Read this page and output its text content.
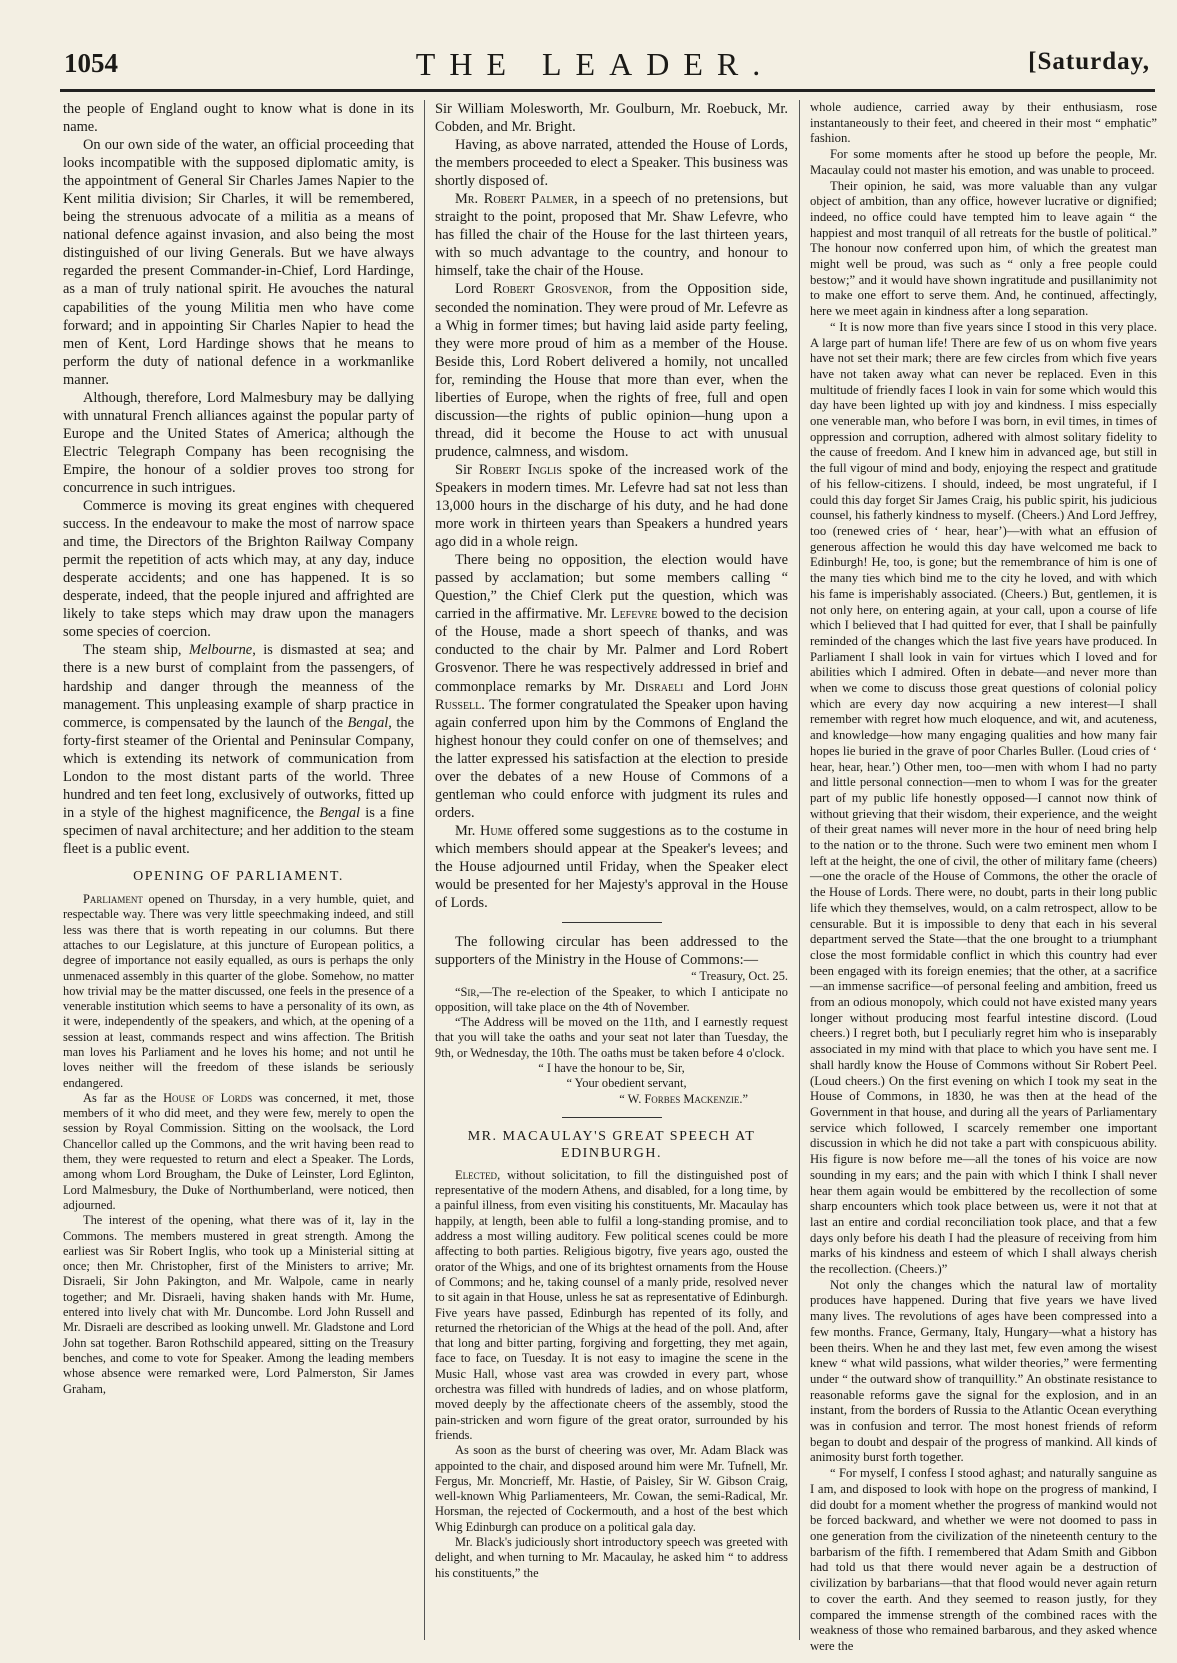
1054	THE LEADER.	[Saturday,

the people of England ought to know what is done in its name.

On our own side of the water, an official proceeding that looks incompatible with the supposed diplomatic amity, is the appointment of General Sir Charles James Napier to the Kent militia division; Sir Charles, it will be remembered, being the strenuous advocate of a militia as a means of national defence against invasion, and also being the most distinguished of our living Generals. But we have always regarded the present Commander-in-Chief, Lord Hardinge, as a man of truly national spirit. He avouches the natural capabilities of the young Militia men who have come forward; and in appointing Sir Charles Napier to head the men of Kent, Lord Hardinge shows that he means to perform the duty of national defence in a workmanlike manner.

Although, therefore, Lord Malmesbury may be dallying with unnatural French alliances against the popular party of Europe and the United States of America; although the Electric Telegraph Company has been recognising the Empire, the honour of a soldier proves too strong for concurrence in such intrigues.

Commerce is moving its great engines with chequered success. In the endeavour to make the most of narrow space and time, the Directors of the Brighton Railway Company permit the repetition of acts which may, at any day, induce desperate accidents; and one has happened. It is so desperate, indeed, that the people injured and affrighted are likely to take steps which may draw upon the managers some species of coercion.

The steam ship, Melbourne, is dismasted at sea; and there is a new burst of complaint from the passengers, of hardship and danger through the meanness of the management. This unpleasing example of sharp practice in commerce, is compensated by the launch of the Bengal, the forty-first steamer of the Oriental and Peninsular Company, which is extending its network of communication from London to the most distant parts of the world. Three hundred and ten feet long, exclusively of outworks, fitted up in a style of the highest magnificence, the Bengal is a fine specimen of naval architecture; and her addition to the steam fleet is a public event.

OPENING OF PARLIAMENT.

Parliament opened on Thursday, in a very humble, quiet, and respectable way. There was very little speechmaking indeed, and still less was there that is worth repeating in our columns. But there attaches to our Legislature, at this juncture of European politics, a degree of importance not easily equalled, as ours is perhaps the only unmenaced assembly in this quarter of the globe. Somehow, no matter how trivial may be the matter discussed, one feels in the presence of a venerable institution which seems to have a personality of its own, as it were, independently of the speakers, and which, at the opening of a session at least, commands respect and wins affection. The British man loves his Parliament and he loves his home; and not until he loves neither will the freedom of these islands be seriously endangered.

As far as the House of Lords was concerned, it met, those members of it who did meet, and they were few, merely to open the session by Royal Commission. Sitting on the woolsack, the Lord Chancellor called up the Commons, and the writ having been read to them, they were requested to return and elect a Speaker. The Lords, among whom Lord Brougham, the Duke of Leinster, Lord Eglinton, Lord Malmesbury, the Duke of Northumberland, were noticed, then adjourned.

The interest of the opening, what there was of it, lay in the Commons. The members mustered in great strength. Among the earliest was Sir Robert Inglis, who took up a Ministerial sitting at once; then Mr. Christopher, first of the Ministers to arrive; Mr. Disraeli, Sir John Pakington, and Mr. Walpole, came in nearly together; and Mr. Disraeli, having shaken hands with Mr. Hume, entered into lively chat with Mr. Duncombe. Lord John Russell and Mr. Disraeli are described as looking unwell. Mr. Gladstone and Lord John sat together. Baron Rothschild appeared, sitting on the Treasury benches, and come to vote for Speaker. Among the leading members whose absence were remarked were, Lord Palmerston, Sir James Graham,

Sir William Molesworth, Mr. Goulburn, Mr. Roebuck, Mr. Cobden, and Mr. Bright.

Having, as above narrated, attended the House of Lords, the members proceeded to elect a Speaker. This business was shortly disposed of.

Mr. Robert Palmer, in a speech of no pretensions, but straight to the point, proposed that Mr. Shaw Lefevre, who has filled the chair of the House for the last thirteen years, with so much advantage to the country, and honour to himself, take the chair of the House.

Lord Robert Grosvenor, from the Opposition side, seconded the nomination. They were proud of Mr. Lefevre as a Whig in former times; but having laid aside party feeling, they were more proud of him as a member of the House. Beside this, Lord Robert delivered a homily, not uncalled for, reminding the House that more than ever, when the liberties of Europe, when the rights of free, full and open discussion—the rights of public opinion—hung upon a thread, did it become the House to act with unusual prudence, calmness, and wisdom.

Sir Robert Inglis spoke of the increased work of the Speakers in modern times. Mr. Lefevre had sat not less than 13,000 hours in the discharge of his duty, and he had done more work in thirteen years than Speakers a hundred years ago did in a whole reign.

There being no opposition, the election would have passed by acclamation; but some members calling “ Question,” the Chief Clerk put the question, which was carried in the affirmative. Mr. Lefevre bowed to the decision of the House, made a short speech of thanks, and was conducted to the chair by Mr. Palmer and Lord Robert Grosvenor. There he was respectively addressed in brief and commonplace remarks by Mr. Disraeli and Lord John Russell. The former congratulated the Speaker upon having again conferred upon him by the Commons of England the highest honour they could confer on one of themselves; and the latter expressed his satisfaction at the election to preside over the debates of a new House of Commons of a gentleman who could enforce with judgment its rules and orders.

Mr. Hume offered some suggestions as to the costume in which members should appear at the Speaker's levees; and the House adjourned until Friday, when the Speaker elect would be presented for her Majesty's approval in the House of Lords.

The following circular has been addressed to the supporters of the Ministry in the House of Commons:—

“ Treasury, Oct. 25.

“Sir,—The re-election of the Speaker, to which I anticipate no opposition, will take place on the 4th of November.

“The Address will be moved on the 11th, and I earnestly request that you will take the oaths and your seat not later than Tuesday, the 9th, or Wednesday, the 10th. The oaths must be taken before 4 o'clock.

“ I have the honour to be, Sir,

“ Your obedient servant,

“ W. Forbes Mackenzie.”

MR. MACAULAY'S GREAT SPEECH AT EDINBURGH.

Elected, without solicitation, to fill the distinguished post of representative of the modern Athens, and disabled, for a long time, by a painful illness, from even visiting his constituents, Mr. Macaulay has happily, at length, been able to fulfil a long-standing promise, and to address a most willing auditory. Few political scenes could be more affecting to both parties. Religious bigotry, five years ago, ousted the orator of the Whigs, and one of its brightest ornaments from the House of Commons; and he, taking counsel of a manly pride, resolved never to sit again in that House, unless he sat as representative of Edinburgh. Five years have passed, Edinburgh has repented of its folly, and returned the rhetorician of the Whigs at the head of the poll. And, after that long and bitter parting, forgiving and forgetting, they met again, face to face, on Tuesday. It is not easy to imagine the scene in the Music Hall, whose vast area was crowded in every part, whose orchestra was filled with hundreds of ladies, and on whose platform, moved deeply by the affectionate cheers of the assembly, stood the pain-stricken and worn figure of the great orator, surrounded by his friends.

As soon as the burst of cheering was over, Mr. Adam Black was appointed to the chair, and disposed around him were Mr. Tufnell, Mr. Fergus, Mr. Moncrieff, Mr. Hastie, of Paisley, Sir W. Gibson Craig, well-known Whig Parliamenteers, Mr. Cowan, the semi-Radical, Mr. Horsman, the rejected of Cockermouth, and a host of the best which Whig Edinburgh can produce on a political gala day.

Mr. Black's judiciously short introductory speech was greeted with delight, and when turning to Mr. Macaulay, he asked him “ to address his constituents,” the

whole audience, carried away by their enthusiasm, rose instantaneously to their feet, and cheered in their most “ emphatic” fashion.

For some moments after he stood up before the people, Mr. Macaulay could not master his emotion, and was unable to proceed.

Their opinion, he said, was more valuable than any vulgar object of ambition, than any office, however lucrative or dignified; indeed, no office could have tempted him to leave again “ the happiest and most tranquil of all retreats for the bustle of political.” The honour now conferred upon him, of which the greatest man might well be proud, was such as “ only a free people could bestow;” and it would have shown ingratitude and pusillanimity not to make one effort to serve them. And, he continued, affectingly, here we meet again in kindness after a long separation.

“ It is now more than five years since I stood in this very place. A large part of human life! There are few of us on whom five years have not set their mark; there are few circles from which five years have not taken away what can never be replaced. Even in this multitude of friendly faces I look in vain for some which would this day have been lighted up with joy and kindness. I miss especially one venerable man, who before I was born, in evil times, in times of oppression and corruption, adhered with almost solitary fidelity to the cause of freedom. And I knew him in advanced age, but still in the full vigour of mind and body, enjoying the respect and gratitude of his fellow-citizens. I should, indeed, be most ungrateful, if I could this day forget Sir James Craig, his public spirit, his judicious counsel, his fatherly kindness to myself. (Cheers.) And Lord Jeffrey, too (renewed cries of ‘ hear, hear’)—with what an effusion of generous affection he would this day have welcomed me back to Edinburgh! He, too, is gone; but the remembrance of him is one of the many ties which bind me to the city he loved, and with which his fame is imperishably associated. (Cheers.) But, gentlemen, it is not only here, on entering again, at your call, upon a course of life which I believed that I had quitted for ever, that I shall be painfully reminded of the changes which the last five years have produced. In Parliament I shall look in vain for virtues which I loved and for abilities which I admired. Often in debate—and never more than when we come to discuss those great questions of colonial policy which are every day now acquiring a new interest—I shall remember with regret how much eloquence, and wit, and acuteness, and knowledge—how many engaging qualities and how many fair hopes lie buried in the grave of poor Charles Buller. (Loud cries of ‘ hear, hear, hear.’) Other men, too—men with whom I had no party and little personal connection—men to whom I was for the greater part of my public life honestly opposed—I cannot now think of without grieving that their wisdom, their experience, and the weight of their great names will never more in the hour of need bring help to the nation or to the throne. Such were two eminent men whom I left at the height, the one of civil, the other of military fame (cheers)—one the oracle of the House of Commons, the other the oracle of the House of Lords. There were, no doubt, parts in their long public life which they themselves, would, on a calm retrospect, allow to be censurable. But it is impossible to deny that each in his several department served the State—that the one brought to a triumphant close the most formidable conflict in which this country had ever been engaged with its foreign enemies; that the other, at a sacrifice—an immense sacrifice—of personal feeling and ambition, freed us from an odious monopoly, which could not have existed many years longer without producing most fearful intestine discord. (Loud cheers.) I regret both, but I peculiarly regret him who is inseparably associated in my mind with that place to which you have sent me. I shall hardly know the House of Commons without Sir Robert Peel. (Loud cheers.) On the first evening on which I took my seat in the House of Commons, in 1830, he was then at the head of the Government in that house, and during all the years of Parliamentary service which followed, I scarcely remember one important discussion in which he did not take a part with conspicuous ability. His figure is now before me—all the tones of his voice are now sounding in my ears; and the pain with which I think I shall never hear them again would be embittered by the recollection of some sharp encounters which took place between us, were it not that at last an entire and cordial reconciliation took place, and that a few days only before his death I had the pleasure of receiving from him marks of his kindness and esteem of which I shall always cherish the recollection. (Cheers.)”

Not only the changes which the natural law of mortality produces have happened. During that five years we have lived many lives. The revolutions of ages have been compressed into a few months. France, Germany, Italy, Hungary—what a history has been theirs. When he and they last met, few even among the wisest knew “ what wild passions, what wilder theories,” were fermenting under “ the outward show of tranquillity.” An obstinate resistance to reasonable reforms gave the signal for the explosion, and in an instant, from the borders of Russia to the Atlantic Ocean everything was in confusion and terror. The most honest friends of reform began to doubt and despair of the progress of mankind. All kinds of animosity burst forth together.

“ For myself, I confess I stood aghast; and naturally sanguine as I am, and disposed to look with hope on the progress of mankind, I did doubt for a moment whether the progress of mankind would not be forced backward, and whether we were not doomed to pass in one generation from the civilization of the nineteenth century to the barbarism of the fifth. I remembered that Adam Smith and Gibbon had told us that there would never again be a destruction of civilization by barbarians—that that flood would never again return to cover the earth. And they seemed to reason justly, for they compared the immense strength of the combined races with the weakness of those who remained barbarous, and they asked whence were the
